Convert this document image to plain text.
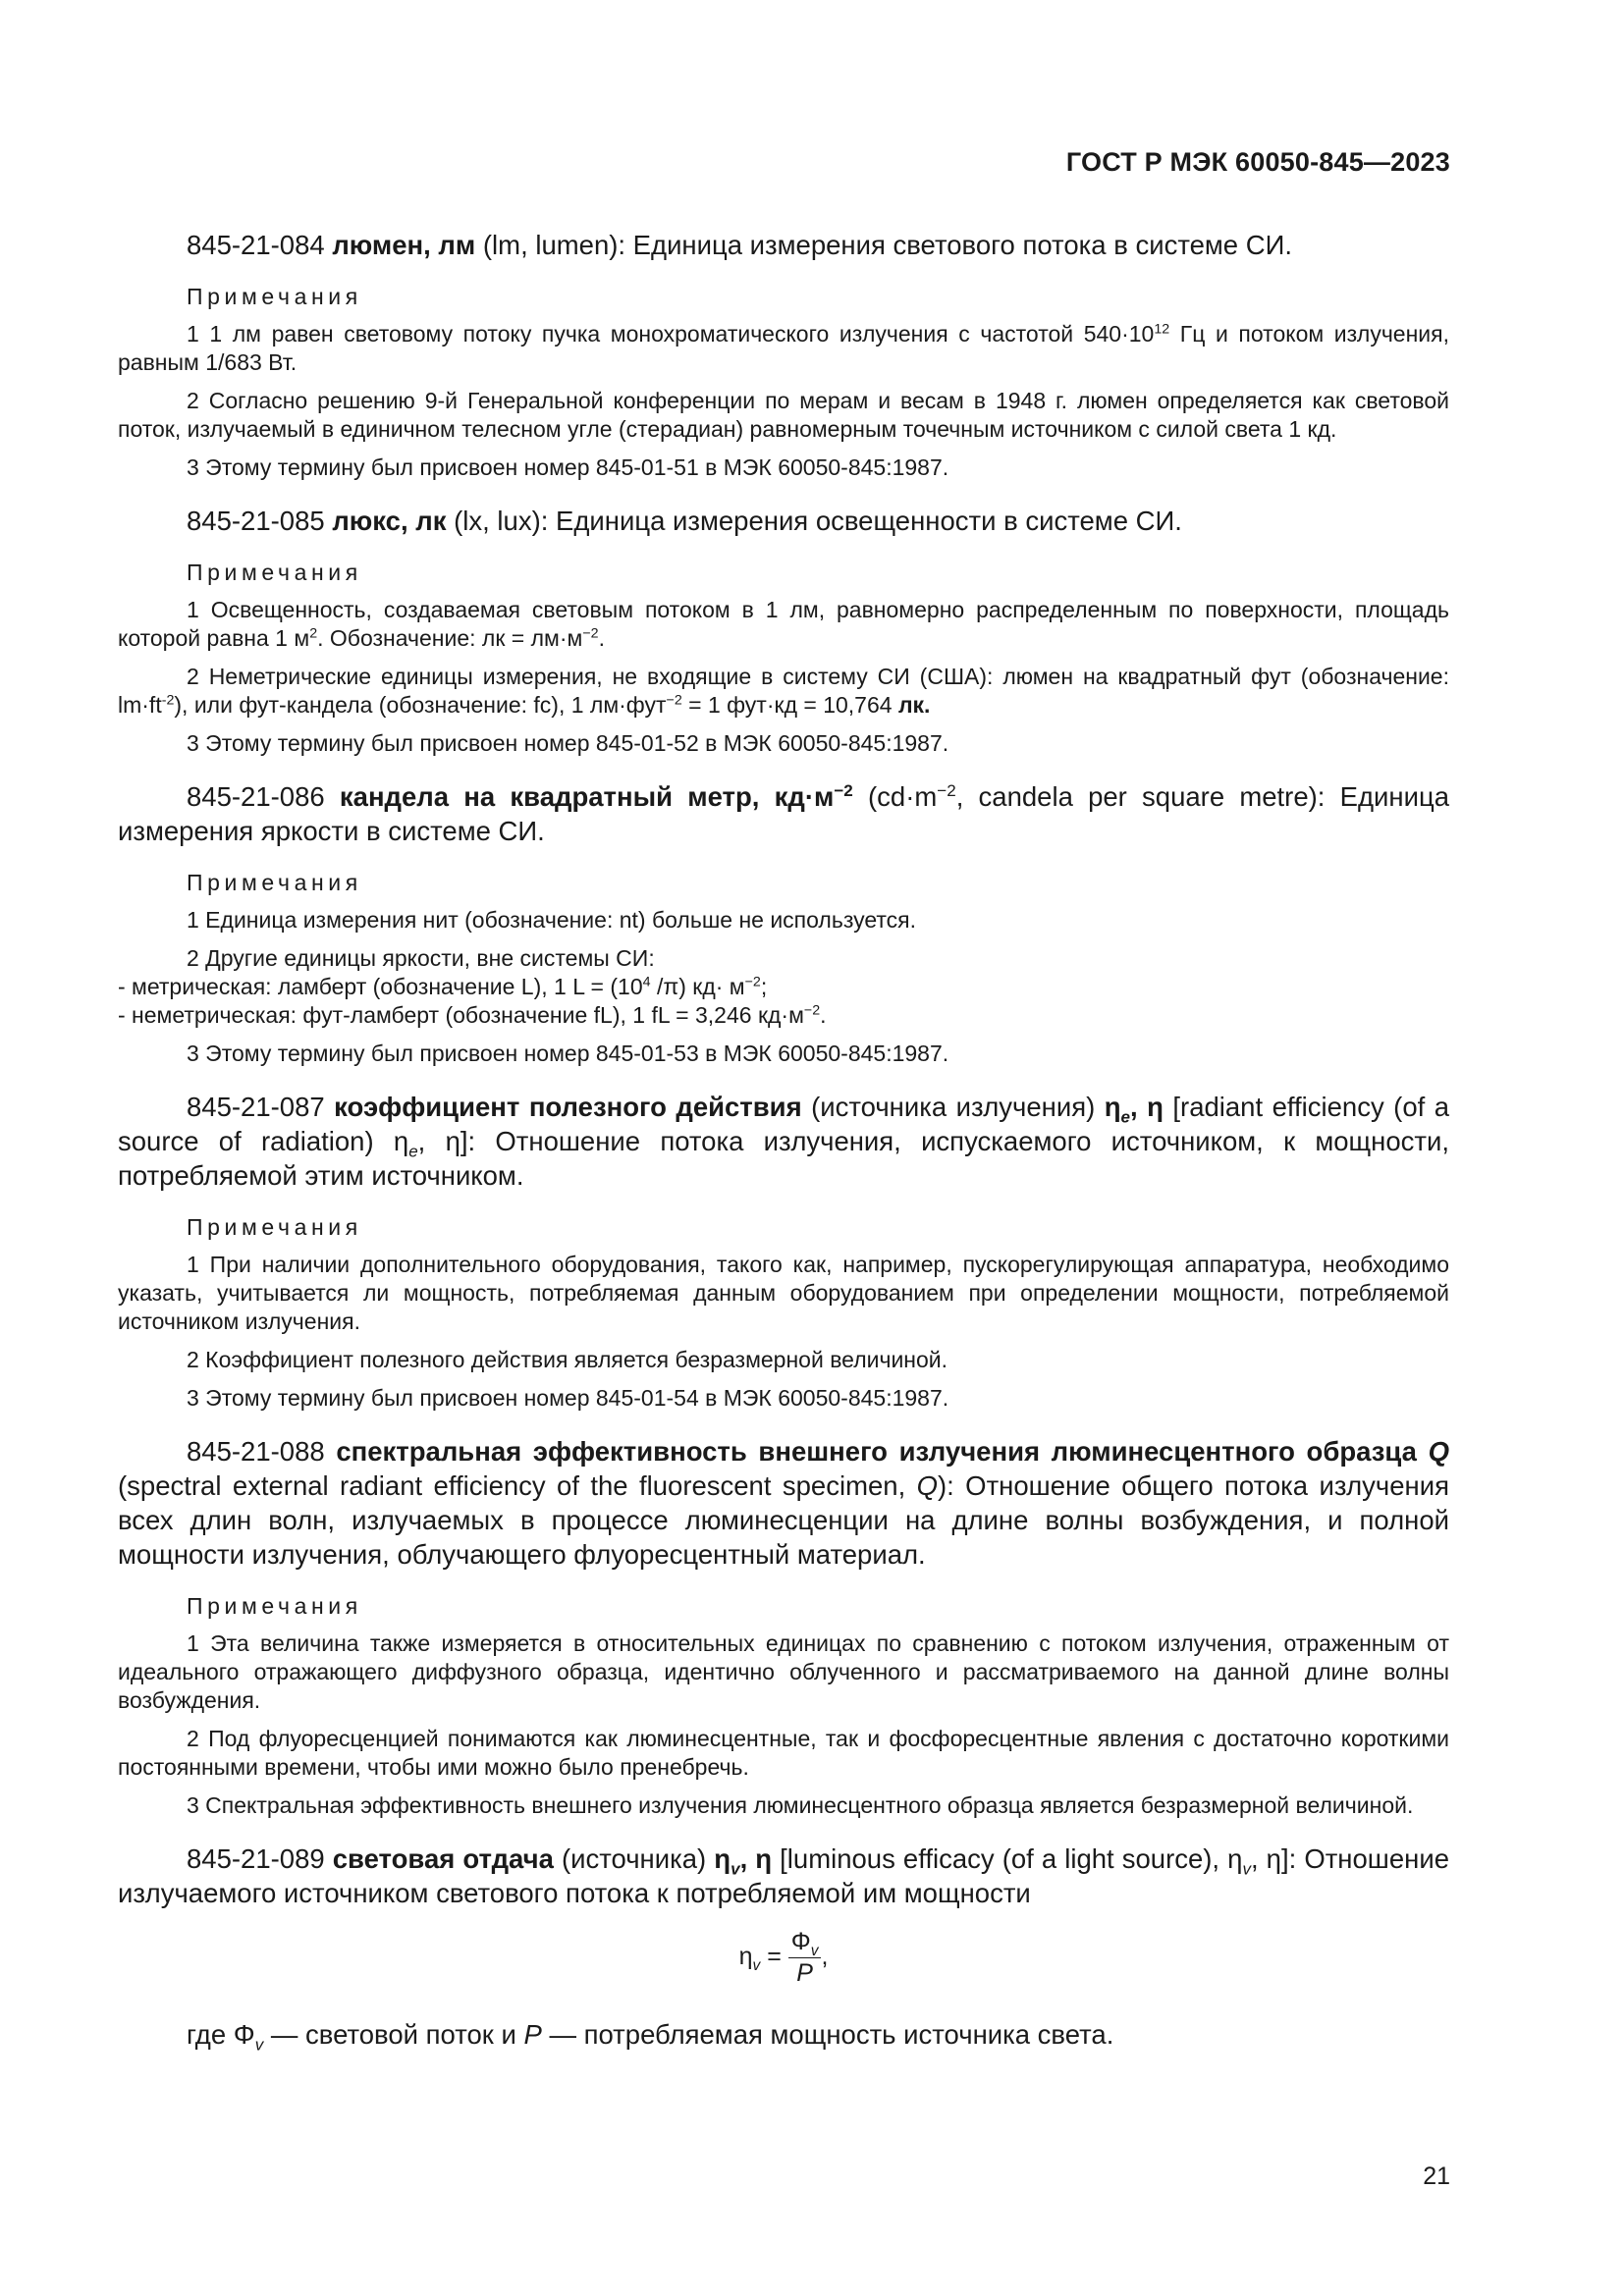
ГОСТ Р МЭК 60050-845—2023

845-21-084 люмен, лм (lm, lumen): Единица измерения светового потока в системе СИ.

Примечания

1 1 лм равен световому потоку пучка монохроматического излучения с частотой $540\cdot 10^{12}$ Гц и потоком излучения, равным 1/683 Вт.

2 Согласно решению 9-й Генеральной конференции по мерам и весам в 1948 г. люмен определяется как световой поток, излучаемый в единичном телесном угле (стерадиан) равномерным точечным источником с силой света 1 кд.

3 Этому термину был присвоен номер 845-01-51 в МЭК 60050-845:1987.

845-21-085 люкс, лк (lx, lux): Единица измерения освещенности в системе СИ.

Примечания

1 Освещенность, создаваемая световым потоком в 1 лм, равномерно распределенным по поверхности, площадь которой равна 1 $м^2$. Обозначение: лк = $лм\cdot м^{-2}$.

2 Неметрические единицы измерения, не входящие в систему СИ (США): люмен на квадратный фут (обозначение: $lm\cdot ft^{-2}$), или фут-кандела (обозначение: fc), 1 лм·фут$^{-2}$ = 1 фут·кд = 10,764 лк.

3 Этому термину был присвоен номер 845-01-52 в МЭК 60050-845:1987.

845-21-086 кандела на квадратный метр, $кд\cdot м^{-2}$ ($cd\cdot m^{-2}$, candela per square metre): Единица измерения яркости в системе СИ.

Примечания

1 Единица измерения нит (обозначение: nt) больше не используется.

2 Другие единицы яркости, вне системы СИ:

- метрическая: ламберт (обозначение L), 1 $L = (10^4$ /π) $кд\cdot м^{-2}$;

- неметрическая: фут-ламберт (обозначение fL), 1 fL = 3,246 $кд\cdot м^{-2}$.

3 Этому термину был присвоен номер 845-01-53 в МЭК 60050-845:1987.

845-21-087 коэффициент полезного действия (источника излучения) $\eta_e$, η [radiant efficiency (of a source of radiation) $\eta_e$, η]: Отношение потока излучения, испускаемого источником, к мощности, потребляемой этим источником.

Примечания

1 При наличии дополнительного оборудования, такого как, например, пускорегулирующая аппаратура, необходимо указать, учитывается ли мощность, потребляемая данным оборудованием при определении мощности, потребляемой источником излучения.

2 Коэффициент полезного действия является безразмерной величиной.

3 Этому термину был присвоен номер 845-01-54 в МЭК 60050-845:1987.

845-21-088 спектральная эффективность внешнего излучения люминесцентного образца Q (spectral external radiant efficiency of the fluorescent specimen, Q): Отношение общего потока излучения всех длин волн, излучаемых в процессе люминесценции на длине волны возбуждения, и полной мощности излучения, облучающего флуоресцентный материал.

Примечания

1 Эта величина также измеряется в относительных единицах по сравнению с потоком излучения, отраженным от идеального отражающего диффузного образца, идентично облученного и рассматриваемого на данной длине волны возбуждения.

2 Под флуоресценцией понимаются как люминесцентные, так и фосфоресцентные явления с достаточно короткими постоянными времени, чтобы ими можно было пренебречь.

3 Спектральная эффективность внешнего излучения люминесцентного образца является безразмерной величиной.

845-21-089 световая отдача (источника) $\eta_v$, η [luminous efficacy (of a light source), $\eta_v$, η]: Отношение излучаемого источником светового потока к потребляемой им мощности

$\eta_v = \frac{\Phi_v}{P}$ ,

где $\Phi_v$ — световой поток и P — потребляемая мощность источника света.

21
